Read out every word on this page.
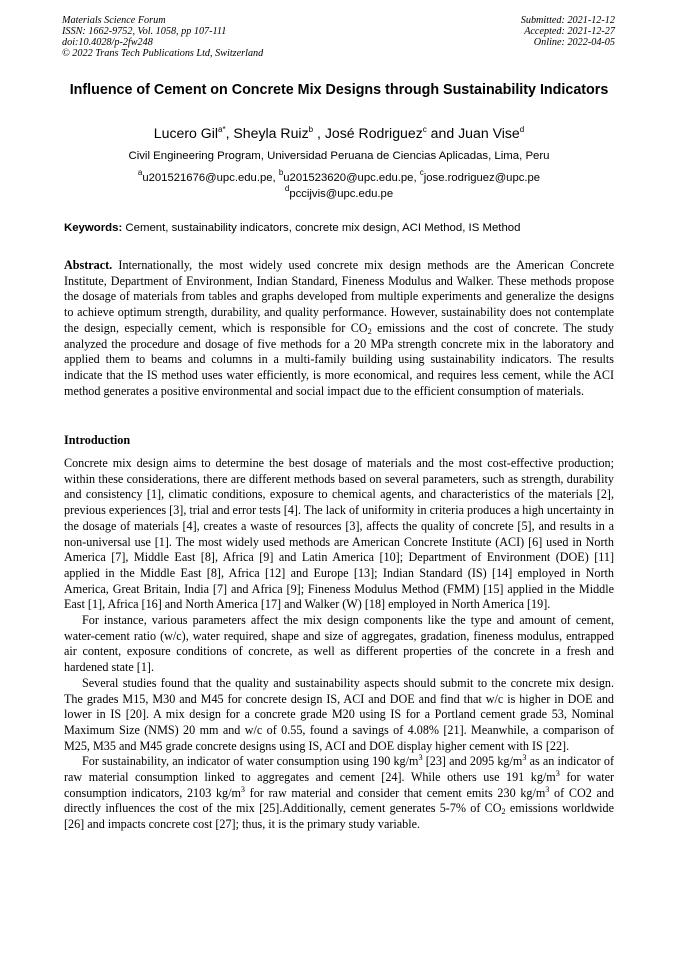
Materials Science Forum
ISSN: 1662-9752, Vol. 1058, pp 107-111
doi:10.4028/p-2fw248
© 2022 Trans Tech Publications Ltd, Switzerland
Submitted: 2021-12-12
Accepted: 2021-12-27
Online: 2022-04-05
Influence of Cement on Concrete Mix Designs through Sustainability Indicators
Lucero Gil$^{a*}$, Sheyla Ruiz$^b$ , José Rodriguez$^c$ and Juan Vise$^d$
Civil Engineering Program, Universidad Peruana de Ciencias Aplicadas, Lima, Peru
$^a$u201521676@upc.edu.pe, $^b$u201523620@upc.edu.pe, $^c$jose.rodriguez@upc.pe
$^d$pccijvis@upc.edu.pe
Keywords: Cement, sustainability indicators, concrete mix design, ACI Method, IS Method
Abstract. Internationally, the most widely used concrete mix design methods are the American Concrete Institute, Department of Environment, Indian Standard, Fineness Modulus and Walker. These methods propose the dosage of materials from tables and graphs developed from multiple experiments and generalize the designs to achieve optimum strength, durability, and quality performance. However, sustainability does not contemplate the design, especially cement, which is responsible for $CO_2$ emissions and the cost of concrete. The study analyzed the procedure and dosage of five methods for a 20 MPa strength concrete mix in the laboratory and applied them to beams and columns in a multi-family building using sustainability indicators. The results indicate that the IS method uses water efficiently, is more economical, and requires less cement, while the ACI method generates a positive environmental and social impact due to the efficient consumption of materials.
Introduction

Concrete mix design aims to determine the best dosage of materials and the most cost-effective production; within these considerations, there are different methods based on several parameters, such as strength, durability and consistency [1], climatic conditions, exposure to chemical agents, and characteristics of the materials [2], previous experiences [3], trial and error tests [4]. The lack of uniformity in criteria produces a high uncertainty in the dosage of materials [4], creates a waste of resources [3], affects the quality of concrete [5], and results in a non-universal use [1]. The most widely used methods are American Concrete Institute (ACI) [6] used in North America [7], Middle East [8], Africa [9] and Latin America [10]; Department of Environment (DOE) [11] applied in the Middle East [8], Africa [12] and Europe [13]; Indian Standard (IS) [14] employed in North America, Great Britain, India [7] and Africa [9]; Fineness Modulus Method (FMM) [15] applied in the Middle East [1], Africa [16] and North America [17] and Walker (W) [18] employed in North America [19].

For instance, various parameters affect the mix design components like the type and amount of cement, water-cement ratio (w/c), water required, shape and size of aggregates, gradation, fineness modulus, entrapped air content, exposure conditions of concrete, as well as different properties of the concrete in a fresh and hardened state [1].

Several studies found that the quality and sustainability aspects should submit to the concrete mix design. The grades M15, M30 and M45 for concrete design IS, ACI and DOE and find that w/c is higher in DOE and lower in IS [20]. A mix design for a concrete grade M20 using IS for a Portland cement grade 53, Nominal Maximum Size (NMS) 20 mm and w/c of 0.55, found a savings of 4.08% [21]. Meanwhile, a comparison of M25, M35 and M45 grade concrete designs using IS, ACI and DOE display higher cement with IS [22].

For sustainability, an indicator of water consumption using 190 $kg/m^3$ [23] and 2095 $kg/m^3$ as an indicator of raw material consumption linked to aggregates and cement [24]. While others use 191 $kg/m^3$ for water consumption indicators, 2103 $kg/m^3$ for raw material and consider that cement emits 230 $kg/m^3$ of CO2 and directly influences the cost of the mix [25].Additionally, cement generates 5-7% of $CO_2$ emissions worldwide [26] and impacts concrete cost [27]; thus, it is the primary study variable.
